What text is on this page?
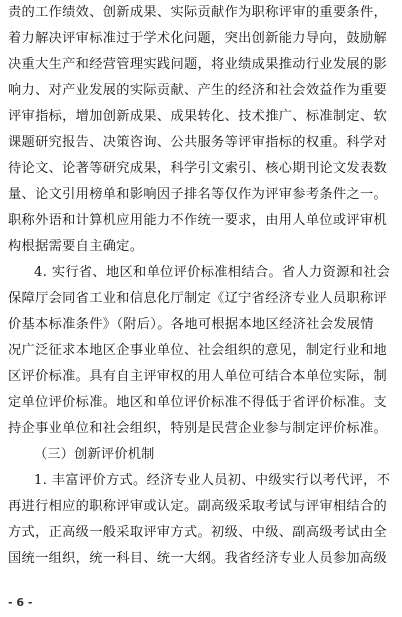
责的工作绩效、创新成果、实际贡献作为职称评审的重要条件，
着力解决评审标准过于学术化问题，突出创新能力导向，鼓励解
决重大生产和经营管理实践问题，将业绩成果推动行业发展的影
响力、对产业发展的实际贡献、产生的经济和社会效益作为重要
评审指标，增加创新成果、成果转化、技术推广、标准制定、软
课题研究报告、决策咨询、公共服务等评审指标的权重。科学对
待论文、论著等研究成果，科学引文索引、核心期刊论文发表数
量、论文引用榜单和影响因子排名等仅作为评审参考条件之一。
职称外语和计算机应用能力不作统一要求，由用人单位或评审机
构根据需要自主确定。
4. 实行省、地区和单位评价标准相结合。省人力资源和社会
保障厅会同省工业和信息化厅制定《辽宁省经济专业人员职称评
价基本标准条件》（附后）。各地可根据本地区经济社会发展情
况广泛征求本地区企事业单位、社会组织的意见，制定行业和地
区评价标准。具有自主评审权的用人单位可结合本单位实际，制
定单位评价标准。地区和单位评价标准不得低于省评价标准。支
持企事业单位和社会组织，特别是民营企业参与制定评价标准。
（三）创新评价机制
1. 丰富评价方式。经济专业人员初、中级实行以考代评，不
再进行相应的职称评审或认定。副高级采取考试与评审相结合的
方式，正高级一般采取评审方式。初级、中级、副高级考试由全
国统一组织，统一科目、统一大纲。我省经济专业人员参加高级
- 6 -
